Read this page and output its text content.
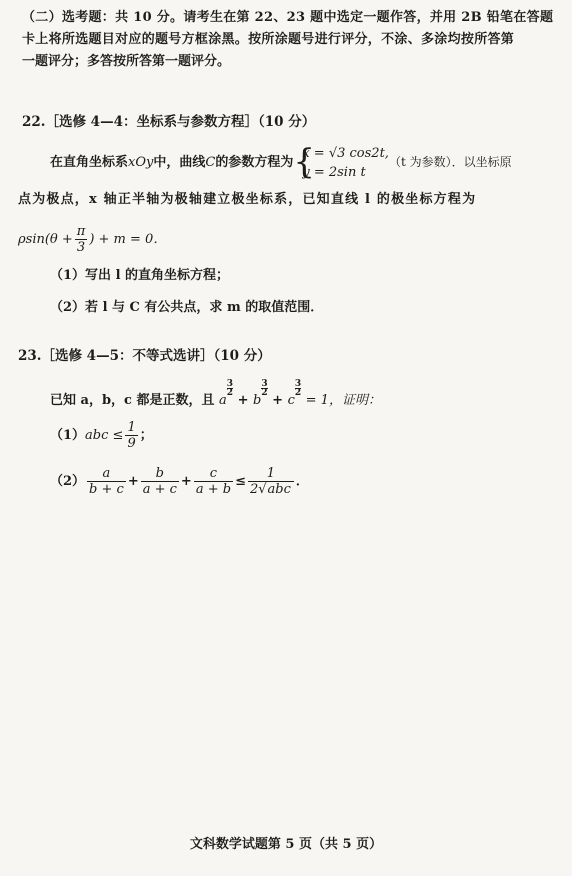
（二）选考题：共 10 分。请考生在第 22、23 题中选定一题作答，并用 2B 铅笔在答题
卡上将所选题目对应的题号方框涂黑。按所涂题号进行评分，不涂、多涂均按所答第
一题评分；多答按所答第一题评分。
22.［选修 4—4：坐标系与参数方程］（10 分）
在直角坐标系xOy中，曲线C的参数方程为 {
x = √3 cos2t,
y = 2sin t
（t 为参数）．以坐标原
点为极点，x 轴正半轴为极轴建立极坐标系，已知直线 l 的极坐标方程为
$\rho\sin(\theta + \frac{\pi}{3}$ ) + m = 0．
（1）写出 l 的直角坐标方程；
（2）若 l 与 C 有公共点，求 m 的取值范围．
23.［选修 4—5：不等式选讲］（10 分）
已知 a，b，c 都是正数，且 a
$\frac{3}{2}$
+ b
$\frac{3}{2}$
+ c
$\frac{3}{2}$
= 1，证明：
$(1)abc \le \frac{1}{9}$ ；
$(2) \frac{a}{b + c} + \frac{b}{a + c} + \frac{c}{a + b} \le \frac{1}{\text{2√abc}}$ ．
文科数学试题第 5 页（共 5 页）
